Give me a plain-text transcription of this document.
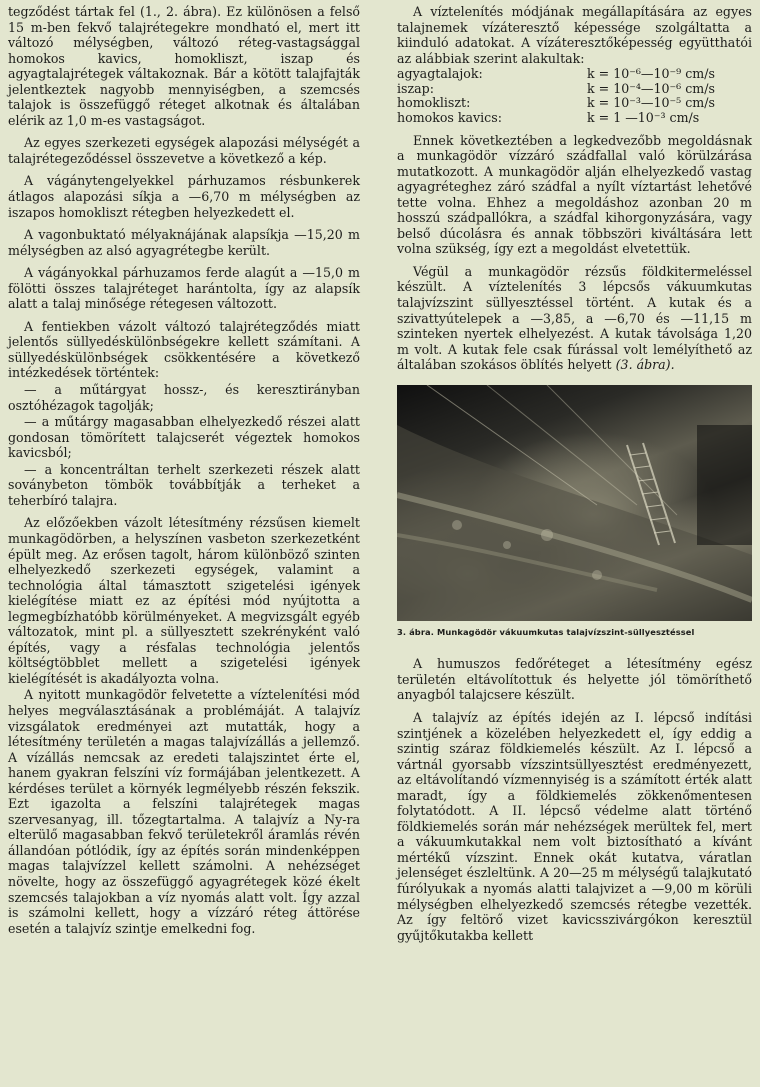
tegződést tártak fel (1., 2. ábra). Ez különösen a felső 15 m-ben fekvő talajrétegekre mondható el, mert itt változó mélységben, változó réteg-vastagsággal homokos kavics, homokliszt, iszap és agyagtalajrétegek váltakoznak. Bár a kötött talajfajták jelentkeztek nagyobb mennyiségben, a szemcsés talajok is összefüggő réteget alkotnak és általában elérik az 1,0 m-es vastagságot.

Az egyes szerkezeti egységek alapozási mélységét a talajrétegeződéssel összevetve a következő a kép.

A vágánytengelyekkel párhuzamos résbunkerek átlagos alapozási síkja a —6,70 m mélységben az iszapos homokliszt rétegben helyezkedett el.

A vagonbuktató mélyaknájának alapsíkja —15,20 m mélységben az alsó agyagrétegbe került.

A vágányokkal párhuzamos ferde alagút a —15,0 m fölötti összes talajréteget harántolta, így az alapsík alatt a talaj minősége rétegesen változott.

A fentiekben vázolt változó talajrétegződés miatt jelentős süllyedéskülönbségekre kellett számítani. A süllyedéskülönbségek csökkentésére a következő intézkedések történtek:

— a műtárgyat hossz-, és keresztirányban osztóhézagok tagolják;

— a műtárgy magasabban elhelyezkedő részei alatt gondosan tömörített talajcserét végeztek homokos kavicsból;

— a koncentráltan terhelt szerkezeti részek alatt soványbeton tömbök továbbítják a terheket a teherbíró talajra.

Az előzőekben vázolt létesítmény rézsűsen kiemelt munkagödörben, a helyszínen vasbeton szerkezetként épült meg. Az erősen tagolt, három különböző szinten elhelyezkedő szerkezeti egységek, valamint a technológia által támasztott szigetelési igények kielégítése miatt ez az építési mód nyújtotta a legmegbízhatóbb körülményeket. A megvizsgált egyéb változatok, mint pl. a süllyesztett szekrényként való építés, vagy a résfalas technológia jelentős költségtöbblet mellett a szigetelési igények kielégítését is akadályozta volna.

A nyitott munkagödör felvetette a víztelenítési mód helyes megválasztásának a problémáját. A talajvíz vizsgálatok eredményei azt mutatták, hogy a létesítmény területén a magas talajvízállás a jellemző. A vízállás nemcsak az eredeti talajszintet érte el, hanem gyakran felszíni víz formájában jelentkezett. A kérdéses terület a környék legmélyebb részén fekszik. Ezt igazolta a felszíni talajrétegek magas szervesanyag, ill. tőzegtartalma. A talajvíz a Ny-ra elterülő magasabban fekvő területekről áramlás révén állandóan pótlódik, így az építés során mindenképpen magas talajvízzel kellett számolni. A nehézséget növelte, hogy az összefüggő agyagrétegek közé ékelt szemcsés talajokban a víz nyomás alatt volt. Így azzal is számolni kellett, hogy a vízzáró réteg áttörése esetén a talajvíz szintje emelkedni fog.

A víztelenítés módjának megállapítására az egyes talajnemek vízáteresztő képessége szolgáltatta a kiinduló adatokat. A vízáteresztőképesség együtthatói az alábbiak szerint alakultak:

agyagtalajok:	k = 10⁻⁶—10⁻⁹ cm/s
iszap:	k = 10⁻⁴—10⁻⁶ cm/s
homokliszt:	k = 10⁻³—10⁻⁵ cm/s
homokos kavics:	k = 1 —10⁻³ cm/s

Ennek következtében a legkedvezőbb megoldásnak a munkagödör vízzáró szádfallal való körülzárása mutatkozott. A munkagödör alján elhelyezkedő vastag agyagréteghez záró szádfal a nyílt víztartást lehetővé tette volna. Ehhez a megoldáshoz azonban 20 m hosszú szádpallókra, a szádfal kihorgonyzására, vagy belső dúcolásra és annak többszöri kiváltására lett volna szükség, így ezt a megoldást elvetettük.

Végül a munkagödör rézsűs földkitermeléssel készült. A víztelenítés 3 lépcsős vákuumkutas talajvízszint süllyesztéssel történt. A kutak és a szivattyútelepek a —3,85, a —6,70 és —11,15 m szinteken nyertek elhelyezést. A kutak távolsága 1,20 m volt. A kutak fele csak fúrással volt lemélyíthető az általában szokásos öblítés helyett (3. ábra).

3. ábra. Munkagödör vákuumkutas talajvízszint-süllyesztéssel

A humuszos fedőréteget a létesítmény egész területén eltávolítottuk és helyette jól tömöríthető anyagból talajcsere készült.

A talajvíz az építés idején az I. lépcső indítási szintjének a közelében helyezkedett el, így eddig a szintig száraz földkiemelés készült. Az I. lépcső a vártnál gyorsabb vízszintsüllyesztést eredményezett, az eltávolítandó vízmennyiség is a számított érték alatt maradt, így a földkiemelés zökkenőmentesen folytatódott. A II. lépcső védelme alatt történő földkiemelés során már nehézségek merültek fel, mert a vákuumkutakkal nem volt biztosítható a kívánt mértékű vízszint. Ennek okát kutatva, váratlan jelenséget észleltünk. A 20—25 m mélységű talajkutató fúrólyukak a nyomás alatti talajvizet a —9,00 m körüli mélységben elhelyezkedő szemcsés rétegbe vezették. Az így feltörő vizet kavicsszivárgókon keresztül gyűjtőkutakba kellett
